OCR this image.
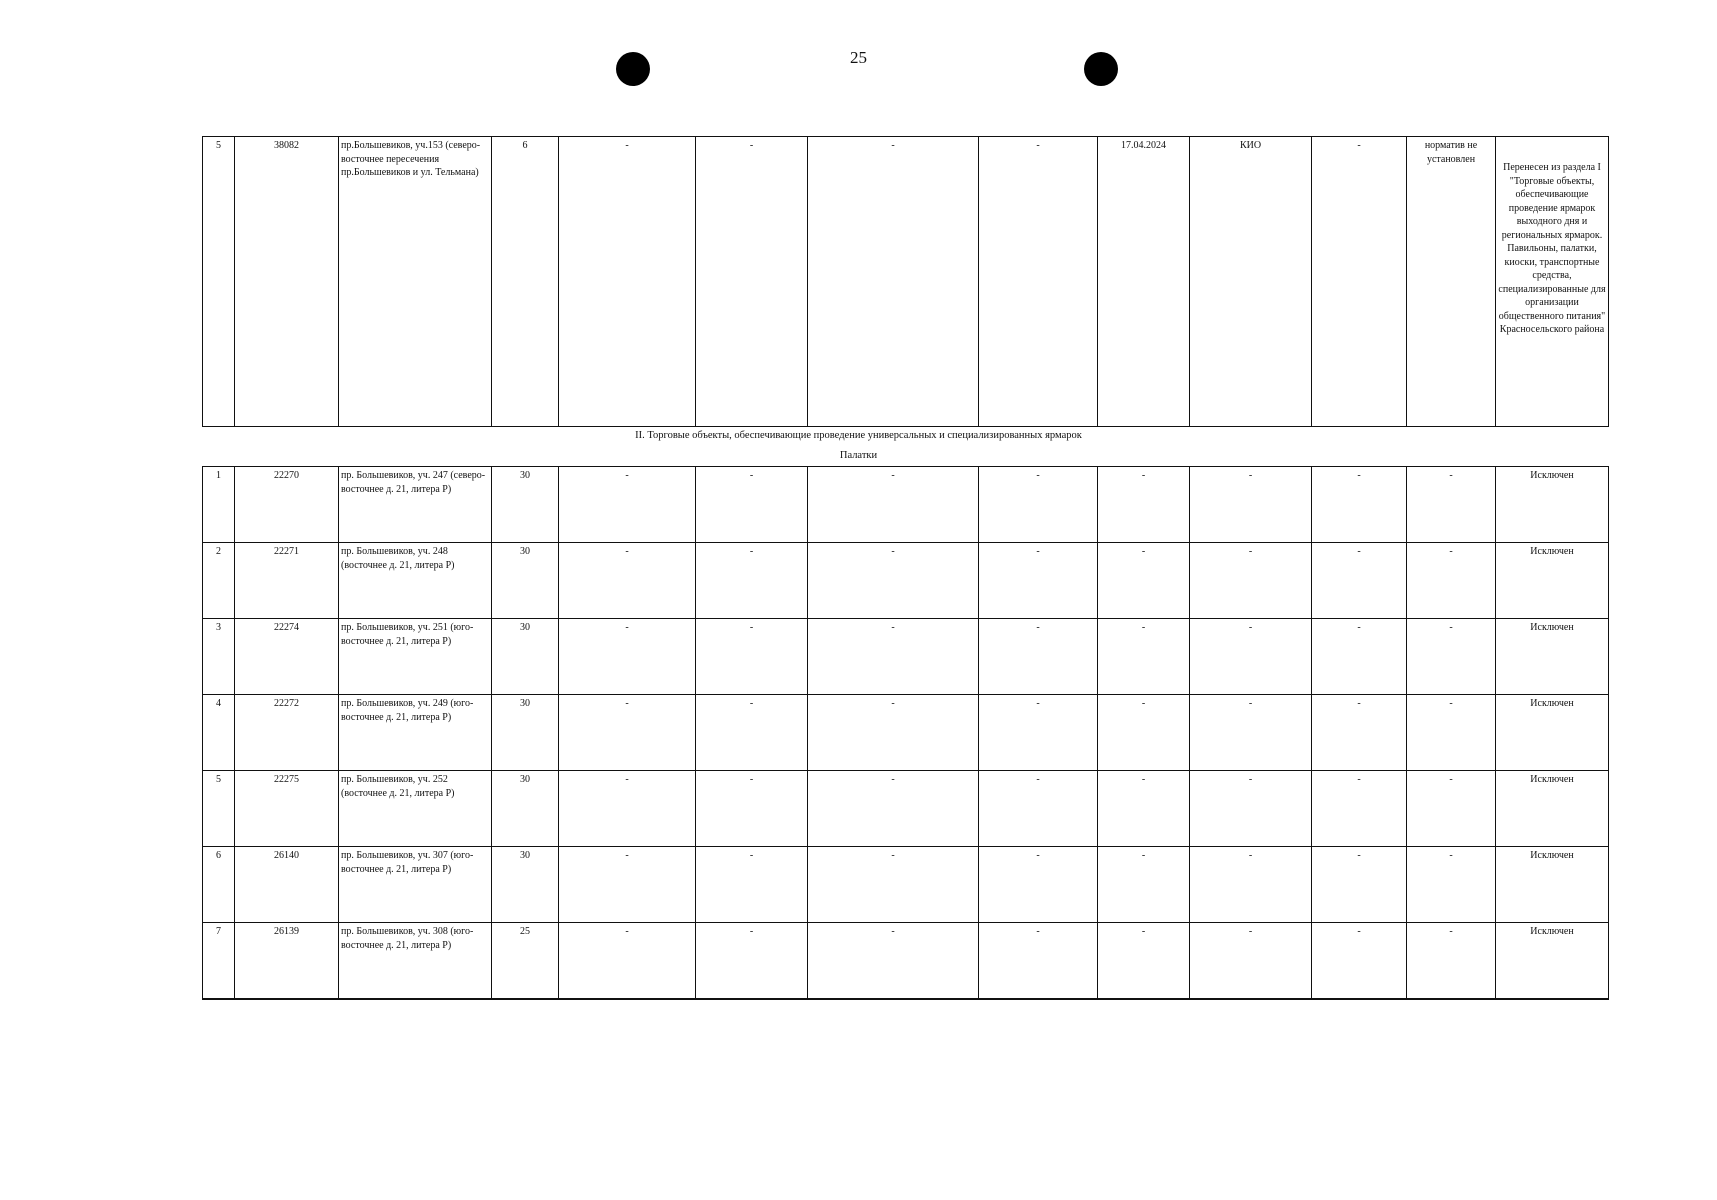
25
5	38082	пр.Большевиков, уч.153 (северо-восточнее пересечения пр.Большевиков и ул. Тельмана)	6	-	-	-	-	17.04.2024	КИО	-	норматив не установлен	Перенесен из раздела I "Торговые объекты, обеспечивающие проведение ярмарок выходного дня и региональных ярмарок. Павильоны, палатки, киоски, транспортные средства, специализированные для организации общественного питания" Красносельского района
II. Торговые объекты, обеспечивающие проведение универсальных и специализированных ярмарок
Палатки
1	22270	пр. Большевиков, уч. 247 (северо-восточнее д. 21, литера Р)	30	-	-	-	-	-	-	-	-	Исключен
2	22271	пр. Большевиков, уч. 248 (восточнее д. 21, литера Р)	30	-	-	-	-	-	-	-	-	Исключен
3	22274	пр. Большевиков, уч. 251 (юго-восточнее д. 21, литера Р)	30	-	-	-	-	-	-	-	-	Исключен
4	22272	пр. Большевиков, уч. 249 (юго-восточнее д. 21, литера Р)	30	-	-	-	-	-	-	-	-	Исключен
5	22275	пр. Большевиков, уч. 252 (восточнее д. 21, литера Р)	30	-	-	-	-	-	-	-	-	Исключен
6	26140	пр. Большевиков, уч. 307 (юго-восточнее д. 21, литера Р)	30	-	-	-	-	-	-	-	-	Исключен
7	26139	пр. Большевиков, уч. 308 (юго-восточнее д. 21, литера Р)	25	-	-	-	-	-	-	-	-	Исключен
